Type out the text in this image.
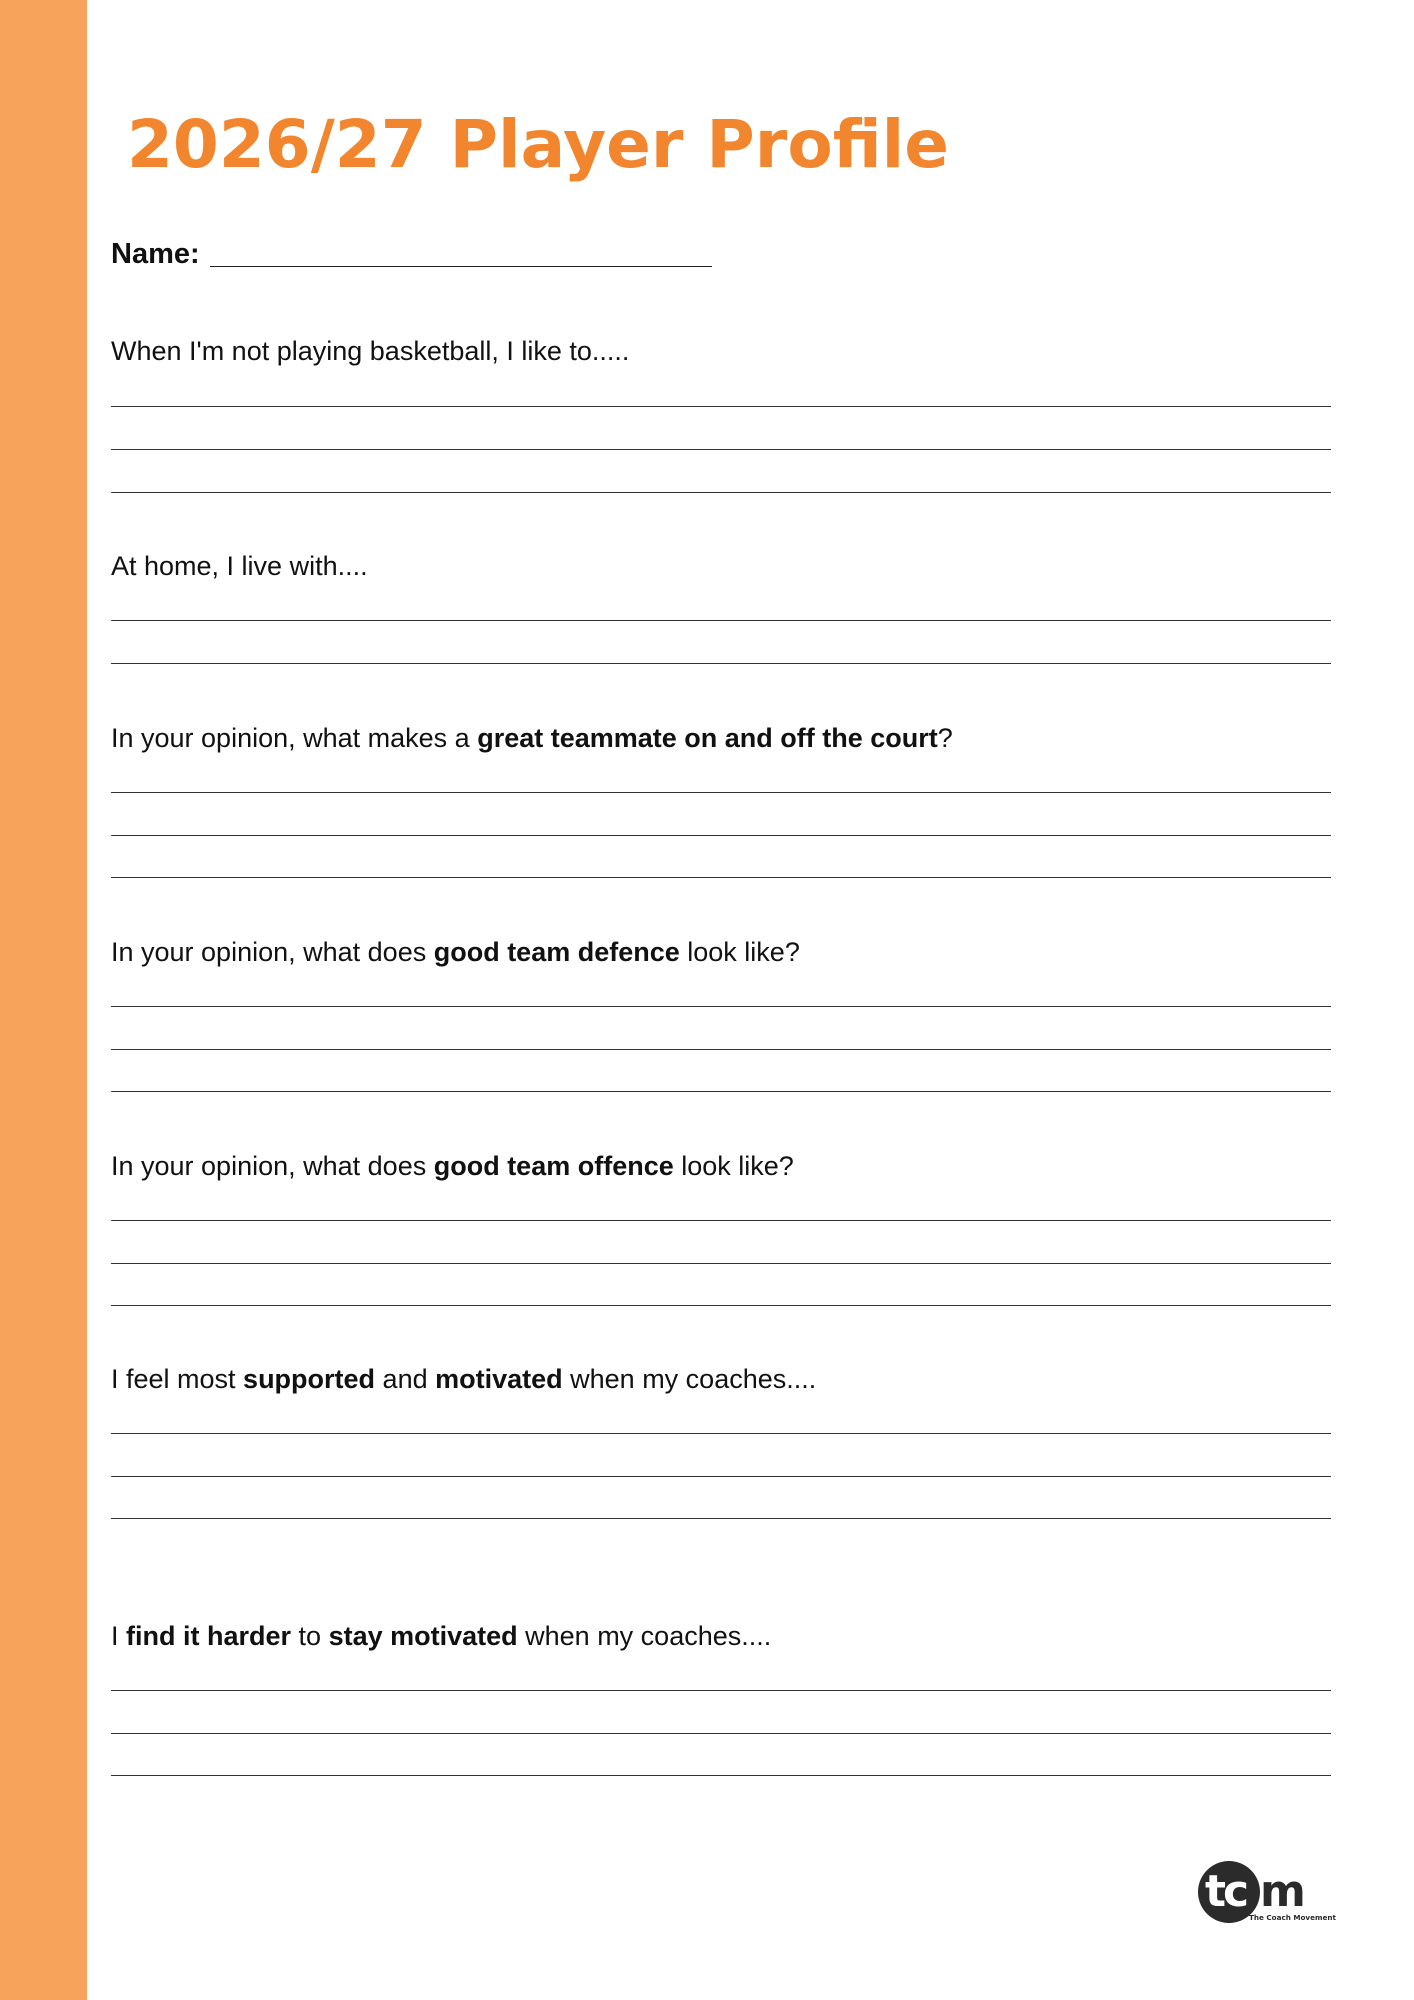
2026/27 Player Profile
Name:

When I'm not playing basketball, I like to.....

At home, I live with....

In your opinion, what makes a great teammate on and off the court?

In your opinion, what does good team defence look like?

In your opinion, what does good team offence look like?

I feel most supported and motivated when my coaches....

I find it harder to stay motivated when my coaches....

tc m
The Coach Movement
